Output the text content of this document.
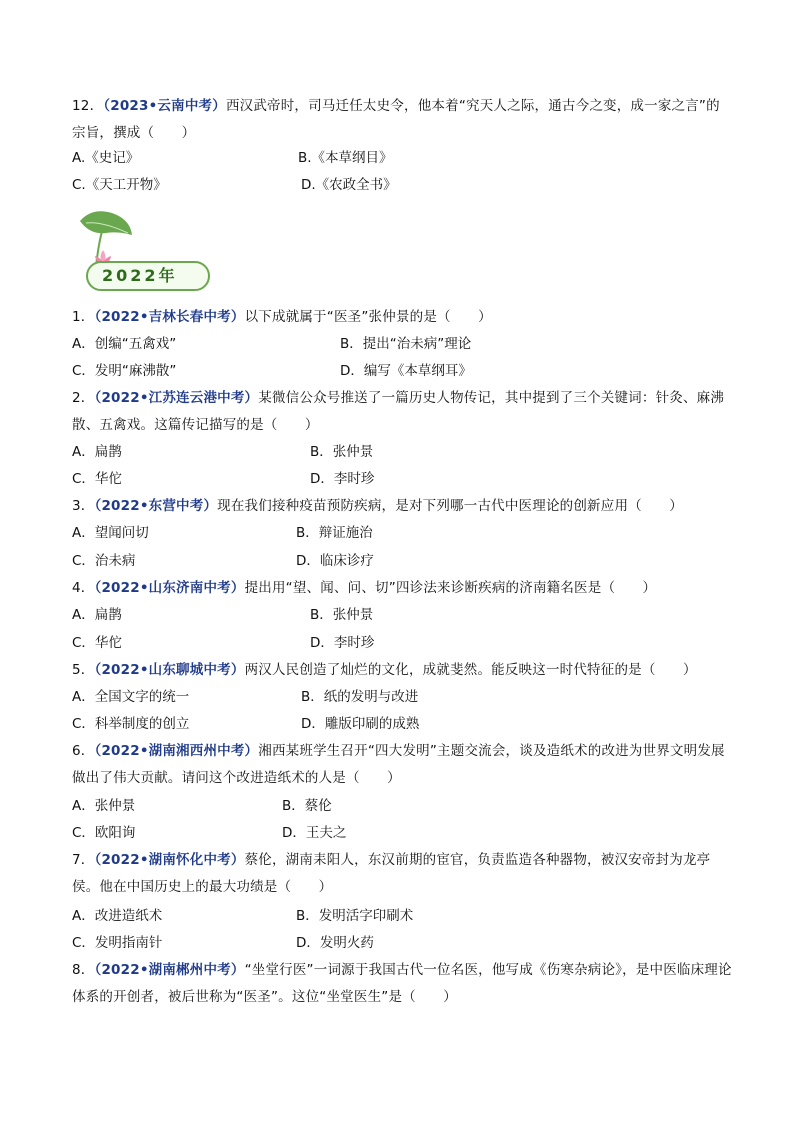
12．（2023•云南中考）西汉武帝时，司马迁任太史令，他本着“究天人之际，通古今之变，成一家之言”的宗旨，撰成（　　）
A.《史记》	B.《本草纲目》
C.《天工开物》	D.《农政全书》
2022年
1．（2022•吉林长春中考）以下成就属于“医圣”张仲景的是（　　）
A．创编“五禽戏”	B．提出“治未病”理论
C．发明“麻沸散”	D．编写《本草纲耳》
2．（2022•江苏连云港中考）某微信公众号推送了一篇历史人物传记，其中提到了三个关键词：针灸、麻沸散、五禽戏。这篇传记描写的是（　　）
A．扁鹊	B．张仲景
C．华佗	D．李时珍
3．（2022•东营中考）现在我们接种疫苗预防疾病，是对下列哪一古代中医理论的创新应用（　　）
A．望闻问切	B．辩证施治
C．治未病	D．临床诊疗
4．（2022•山东济南中考）提出用“望、闻、问、切”四诊法来诊断疾病的济南籍名医是（　　）
A．扁鹊	B．张仲景
C．华佗	D．李时珍
5．（2022•山东聊城中考）两汉人民创造了灿烂的文化，成就斐然。能反映这一时代特征的是（　　）
A．全国文字的统一	B．纸的发明与改进
C．科举制度的创立	D．雕版印刷的成熟
6．（2022•湖南湘西州中考）湘西某班学生召开“四大发明”主题交流会，谈及造纸术的改进为世界文明发展做出了伟大贡献。请问这个改进造纸术的人是（　　）
A．张仲景	B．蔡伦
C．欧阳询	D．王夫之
7．（2022•湖南怀化中考）蔡伦，湖南耒阳人，东汉前期的宦官，负责监造各种器物，被汉安帝封为龙亭侯。他在中国历史上的最大功绩是（　　）
A．改进造纸术	B．发明活字印刷术
C．发明指南针	D．发明火药
8．（2022•湖南郴州中考）“坐堂行医”一词源于我国古代一位名医，他写成《伤寒杂病论》，是中医临床理论体系的开创者，被后世称为“医圣”。这位“坐堂医生”是（　　）
